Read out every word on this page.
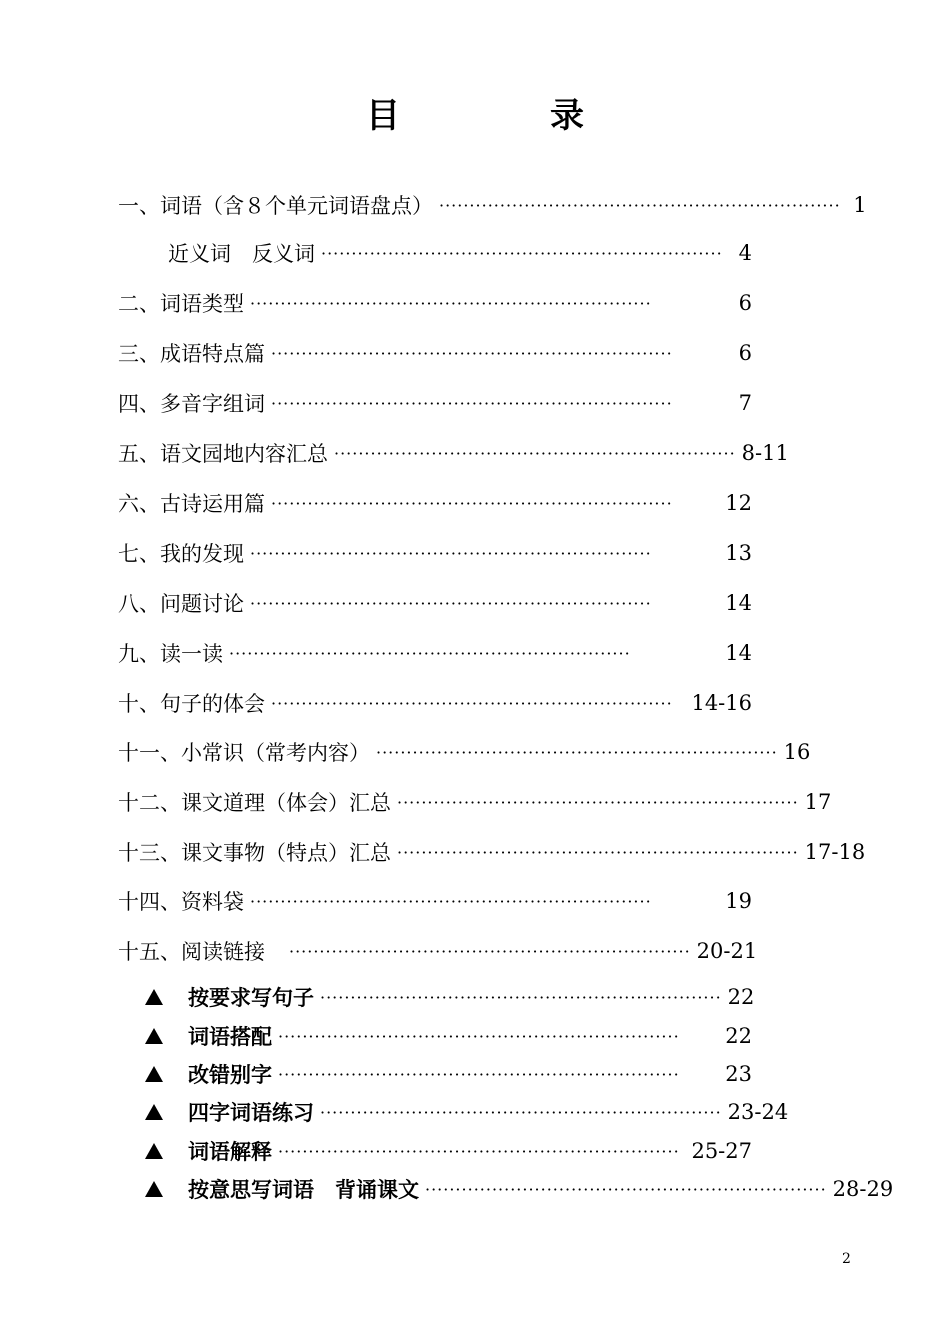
目	录
一、词语（含８个单元词语盘点） ·································································· 1
近义词　反义词 ·································································· 4
二、词语类型 ··································································	6
三、成语特点篇 ··································································	6
四、多音字组词 ··································································	7
五、语文园地内容汇总 ·································································· 8-11
六、古诗运用篇 ··································································	12
七、我的发现 ··································································	13
八、问题讨论 ··································································	14
九、读一读 ··································································	14
十、句子的体会 ·································································· 14-16
十一、小常识（常考内容） ·································································· 16
十二、课文道理（体会）汇总 ·································································· 17
十三、课文事物（特点）汇总 ·································································· 17-18
十四、资料袋 ··································································	19
十五、阅读链接 ·································································· 20-21
按要求写句子 ·································································· 22
词语搭配 ··································································	22
改错别字 ··································································	23
四字词语练习 ·································································· 23-24
词语解释 ·································································· 25-27
按意思写词语　背诵课文 ·································································· 28-29
2
